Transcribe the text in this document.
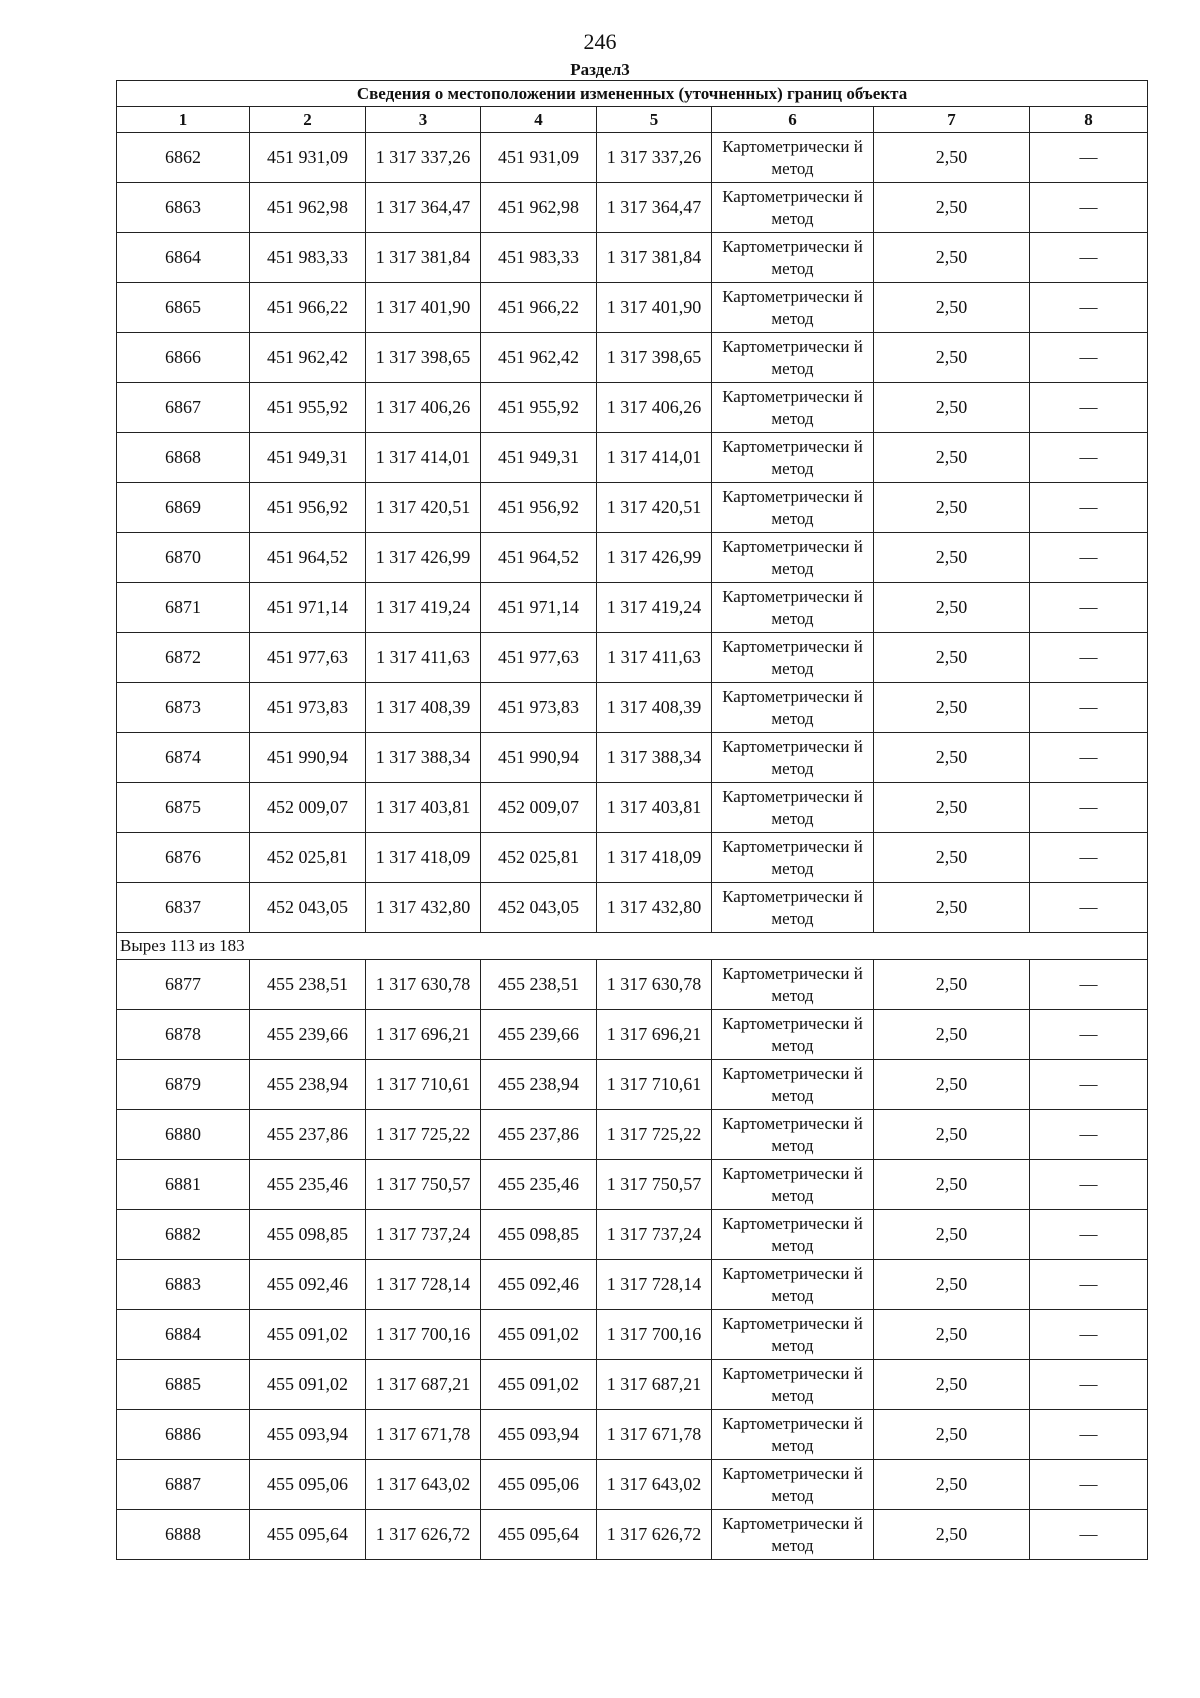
246
Раздел3
Сведения о местоположении измененных (уточненных) границ объекта							
1	2	3	4	5	6	7	8
6862	451 931,09	1 317 337,26	451 931,09	1 317 337,26	Картометрически й метод	2,50	—
6863	451 962,98	1 317 364,47	451 962,98	1 317 364,47	Картометрически й метод	2,50	—
6864	451 983,33	1 317 381,84	451 983,33	1 317 381,84	Картометрически й метод	2,50	—
6865	451 966,22	1 317 401,90	451 966,22	1 317 401,90	Картометрически й метод	2,50	—
6866	451 962,42	1 317 398,65	451 962,42	1 317 398,65	Картометрически й метод	2,50	—
6867	451 955,92	1 317 406,26	451 955,92	1 317 406,26	Картометрически й метод	2,50	—
6868	451 949,31	1 317 414,01	451 949,31	1 317 414,01	Картометрически й метод	2,50	—
6869	451 956,92	1 317 420,51	451 956,92	1 317 420,51	Картометрически й метод	2,50	—
6870	451 964,52	1 317 426,99	451 964,52	1 317 426,99	Картометрически й метод	2,50	—
6871	451 971,14	1 317 419,24	451 971,14	1 317 419,24	Картометрически й метод	2,50	—
6872	451 977,63	1 317 411,63	451 977,63	1 317 411,63	Картометрически й метод	2,50	—
6873	451 973,83	1 317 408,39	451 973,83	1 317 408,39	Картометрически й метод	2,50	—
6874	451 990,94	1 317 388,34	451 990,94	1 317 388,34	Картометрически й метод	2,50	—
6875	452 009,07	1 317 403,81	452 009,07	1 317 403,81	Картометрически й метод	2,50	—
6876	452 025,81	1 317 418,09	452 025,81	1 317 418,09	Картометрически й метод	2,50	—
6837	452 043,05	1 317 432,80	452 043,05	1 317 432,80	Картометрически й метод	2,50	—
Вырез 113 из 183							
6877	455 238,51	1 317 630,78	455 238,51	1 317 630,78	Картометрически й метод	2,50	—
6878	455 239,66	1 317 696,21	455 239,66	1 317 696,21	Картометрически й метод	2,50	—
6879	455 238,94	1 317 710,61	455 238,94	1 317 710,61	Картометрически й метод	2,50	—
6880	455 237,86	1 317 725,22	455 237,86	1 317 725,22	Картометрически й метод	2,50	—
6881	455 235,46	1 317 750,57	455 235,46	1 317 750,57	Картометрически й метод	2,50	—
6882	455 098,85	1 317 737,24	455 098,85	1 317 737,24	Картометрически й метод	2,50	—
6883	455 092,46	1 317 728,14	455 092,46	1 317 728,14	Картометрически й метод	2,50	—
6884	455 091,02	1 317 700,16	455 091,02	1 317 700,16	Картометрически й метод	2,50	—
6885	455 091,02	1 317 687,21	455 091,02	1 317 687,21	Картометрически й метод	2,50	—
6886	455 093,94	1 317 671,78	455 093,94	1 317 671,78	Картометрически й метод	2,50	—
6887	455 095,06	1 317 643,02	455 095,06	1 317 643,02	Картометрически й метод	2,50	—
6888	455 095,64	1 317 626,72	455 095,64	1 317 626,72	Картометрически й метод	2,50	—
